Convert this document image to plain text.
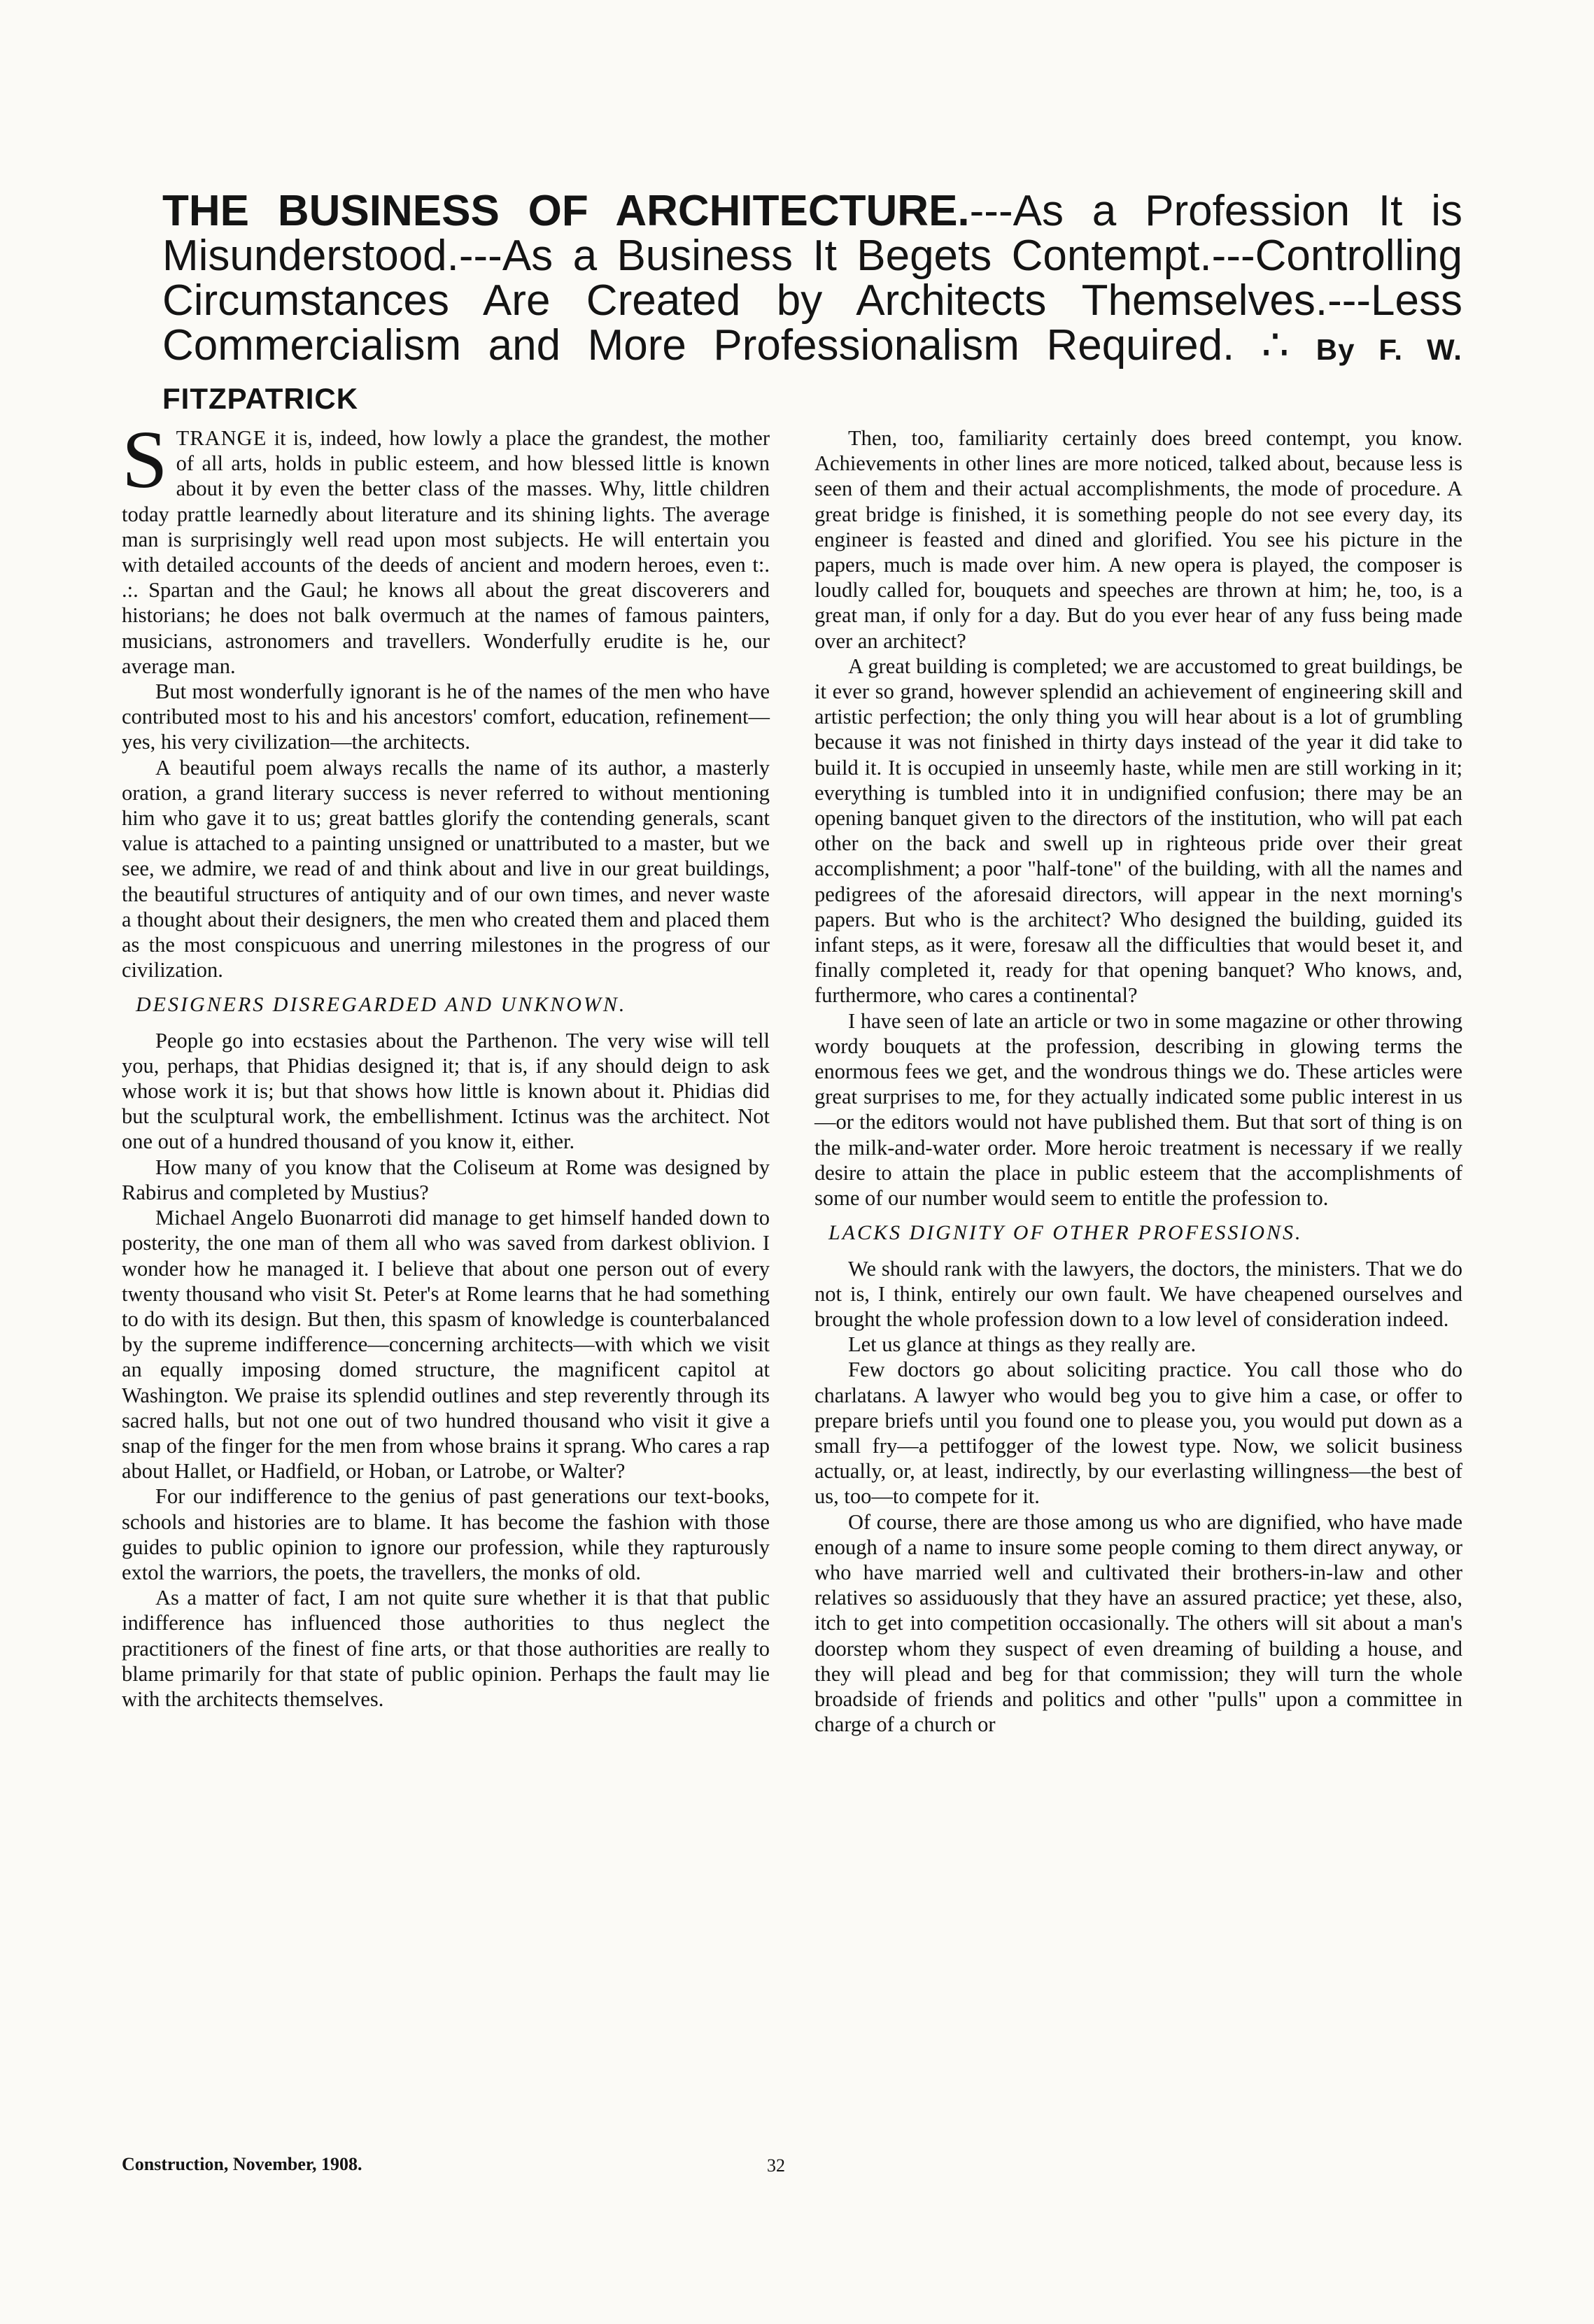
THE BUSINESS OF ARCHITECTURE.---As a Profession It is Misunderstood.---As a Business It Begets Contempt.---Controlling Circumstances Are Created by Architects Themselves.---Less Commercialism and More Professionalism Required. ∴ By F. W. FITZPATRICK

STRANGE it is, indeed, how lowly a place the grandest, the mother of all arts, holds in public esteem, and how blessed little is known about it by even the better class of the masses. Why, little children today prattle learnedly about literature and its shining lights. The average man is surprisingly well read upon most subjects. He will entertain you with detailed accounts of the deeds of ancient and modern heroes, even t:. .:. Spartan and the Gaul; he knows all about the great discoverers and historians; he does not balk overmuch at the names of famous painters, musicians, astronomers and travellers. Wonderfully erudite is he, our average man.

But most wonderfully ignorant is he of the names of the men who have contributed most to his and his ancestors' comfort, education, refinement—yes, his very civilization—the architects.

A beautiful poem always recalls the name of its author, a masterly oration, a grand literary success is never referred to without mentioning him who gave it to us; great battles glorify the contending generals, scant value is attached to a painting unsigned or unattributed to a master, but we see, we admire, we read of and think about and live in our great buildings, the beautiful structures of antiquity and of our own times, and never waste a thought about their designers, the men who created them and placed them as the most conspicuous and unerring milestones in the progress of our civilization.

DESIGNERS DISREGARDED AND UNKNOWN.

People go into ecstasies about the Parthenon. The very wise will tell you, perhaps, that Phidias designed it; that is, if any should deign to ask whose work it is; but that shows how little is known about it. Phidias did but the sculptural work, the embellishment. Ictinus was the architect. Not one out of a hundred thousand of you know it, either.

How many of you know that the Coliseum at Rome was designed by Rabirus and completed by Mustius?

Michael Angelo Buonarroti did manage to get himself handed down to posterity, the one man of them all who was saved from darkest oblivion. I wonder how he managed it. I believe that about one person out of every twenty thousand who visit St. Peter's at Rome learns that he had something to do with its design. But then, this spasm of knowledge is counterbalanced by the supreme indifference—concerning architects—with which we visit an equally imposing domed structure, the magnificent capitol at Washington. We praise its splendid outlines and step reverently through its sacred halls, but not one out of two hundred thousand who visit it give a snap of the finger for the men from whose brains it sprang. Who cares a rap about Hallet, or Hadfield, or Hoban, or Latrobe, or Walter?

For our indifference to the genius of past generations our text-books, schools and histories are to blame. It has become the fashion with those guides to public opinion to ignore our profession, while they rapturously extol the warriors, the poets, the travellers, the monks of old.

As a matter of fact, I am not quite sure whether it is that that public indifference has influenced those authorities to thus neglect the practitioners of the finest of fine arts, or that those authorities are really to blame primarily for that state of public opinion. Perhaps the fault may lie with the architects themselves.

Then, too, familiarity certainly does breed contempt, you know. Achievements in other lines are more noticed, talked about, because less is seen of them and their actual accomplishments, the mode of procedure. A great bridge is finished, it is something people do not see every day, its engineer is feasted and dined and glorified. You see his picture in the papers, much is made over him. A new opera is played, the composer is loudly called for, bouquets and speeches are thrown at him; he, too, is a great man, if only for a day. But do you ever hear of any fuss being made over an architect?

A great building is completed; we are accustomed to great buildings, be it ever so grand, however splendid an achievement of engineering skill and artistic perfection; the only thing you will hear about is a lot of grumbling because it was not finished in thirty days instead of the year it did take to build it. It is occupied in unseemly haste, while men are still working in it; everything is tumbled into it in undignified confusion; there may be an opening banquet given to the directors of the institution, who will pat each other on the back and swell up in righteous pride over their great accomplishment; a poor "half-tone" of the building, with all the names and pedigrees of the aforesaid directors, will appear in the next morning's papers. But who is the architect? Who designed the building, guided its infant steps, as it were, foresaw all the difficulties that would beset it, and finally completed it, ready for that opening banquet? Who knows, and, furthermore, who cares a continental?

I have seen of late an article or two in some magazine or other throwing wordy bouquets at the profession, describing in glowing terms the enormous fees we get, and the wondrous things we do. These articles were great surprises to me, for they actually indicated some public interest in us—or the editors would not have published them. But that sort of thing is on the milk-and-water order. More heroic treatment is necessary if we really desire to attain the place in public esteem that the accomplishments of some of our number would seem to entitle the profession to.

LACKS DIGNITY OF OTHER PROFESSIONS.

We should rank with the lawyers, the doctors, the ministers. That we do not is, I think, entirely our own fault. We have cheapened ourselves and brought the whole profession down to a low level of consideration indeed.

Let us glance at things as they really are.

Few doctors go about soliciting practice. You call those who do charlatans. A lawyer who would beg you to give him a case, or offer to prepare briefs until you found one to please you, you would put down as a small fry—a pettifogger of the lowest type. Now, we solicit business actually, or, at least, indirectly, by our everlasting willingness—the best of us, too—to compete for it.

Of course, there are those among us who are dignified, who have made enough of a name to insure some people coming to them direct anyway, or who have married well and cultivated their brothers-in-law and other relatives so assiduously that they have an assured practice; yet these, also, itch to get into competition occasionally. The others will sit about a man's doorstep whom they suspect of even dreaming of building a house, and they will plead and beg for that commission; they will turn the whole broadside of friends and politics and other "pulls" upon a committee in charge of a church or

Construction, November, 1908.	32
